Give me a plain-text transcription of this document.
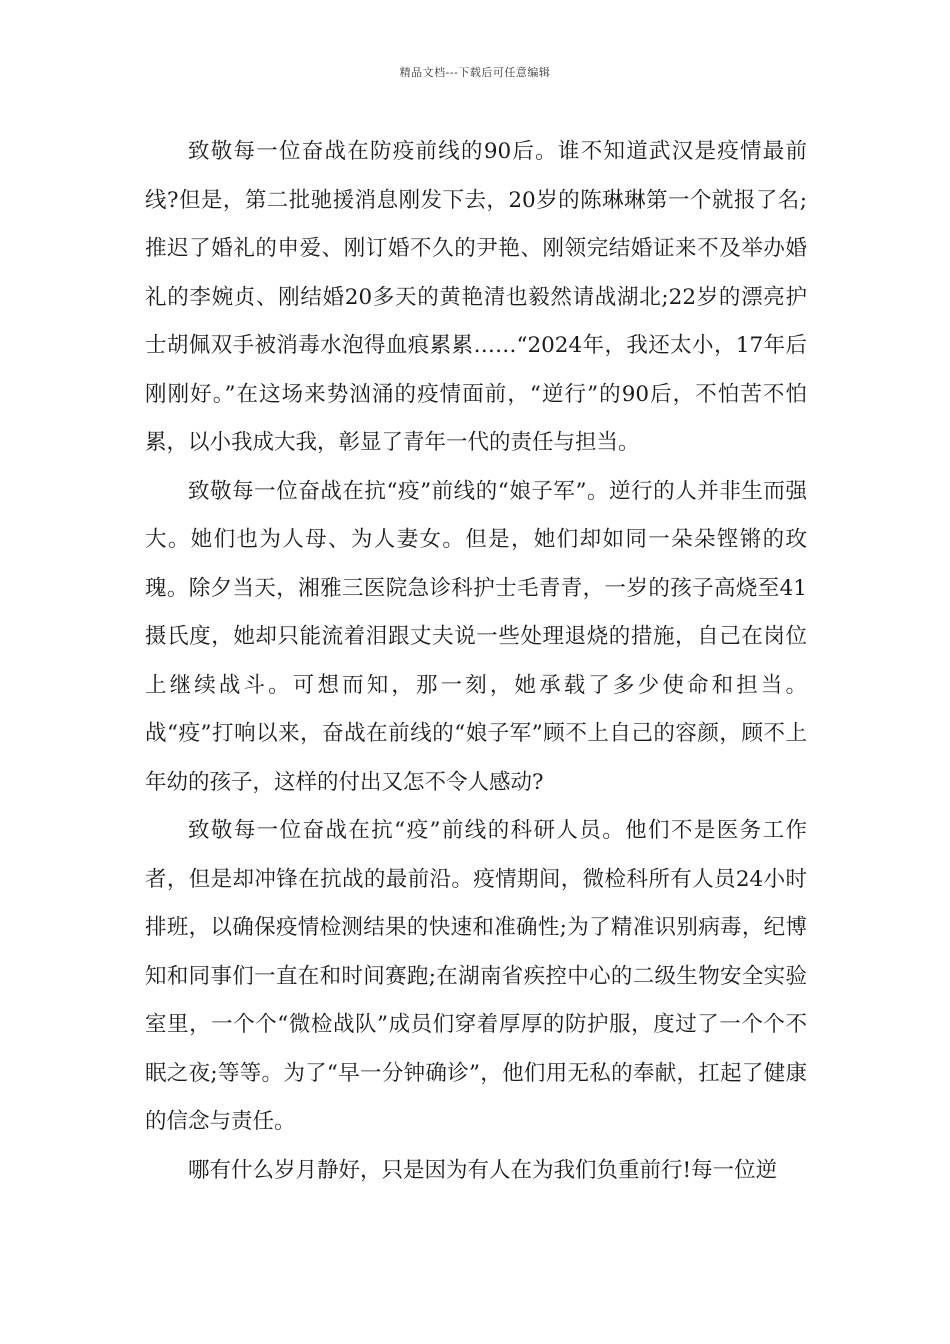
精品文档---下载后可任意编辑

致敬每一位奋战在防疫前线的90后。谁不知道武汉是疫情最前线?但是，第二批驰援消息刚发下去，20岁的陈琳琳第一个就报了名;推迟了婚礼的申爱、刚订婚不久的尹艳、刚领完结婚证来不及举办婚礼的李婉贞、刚结婚20多天的黄艳清也毅然请战湖北;22岁的漂亮护士胡佩双手被消毒水泡得血痕累累……“2024年，我还太小，17年后刚刚好。”在这场来势汹涌的疫情面前，“逆行”的90后，不怕苦不怕累，以小我成大我，彰显了青年一代的责任与担当。

致敬每一位奋战在抗“疫”前线的“娘子军”。逆行的人并非生而强大。她们也为人母、为人妻女。但是，她们却如同一朵朵铿锵的玫瑰。除夕当天，湘雅三医院急诊科护士毛青青，一岁的孩子高烧至41摄氏度，她却只能流着泪跟丈夫说一些处理退烧的措施，自己在岗位上继续战斗。可想而知，那一刻，她承载了多少使命和担当。战“疫”打响以来，奋战在前线的“娘子军”顾不上自己的容颜，顾不上年幼的孩子，这样的付出又怎不令人感动?

致敬每一位奋战在抗“疫”前线的科研人员。他们不是医务工作者，但是却冲锋在抗战的最前沿。疫情期间，微检科所有人员24小时排班，以确保疫情检测结果的快速和准确性;为了精准识别病毒，纪博知和同事们一直在和时间赛跑;在湖南省疾控中心的二级生物安全实验室里，一个个“微检战队”成员们穿着厚厚的防护服，度过了一个个不眠之夜;等等。为了“早一分钟确诊”，他们用无私的奉献，扛起了健康的信念与责任。

哪有什么岁月静好，只是因为有人在为我们负重前行!每一位逆
